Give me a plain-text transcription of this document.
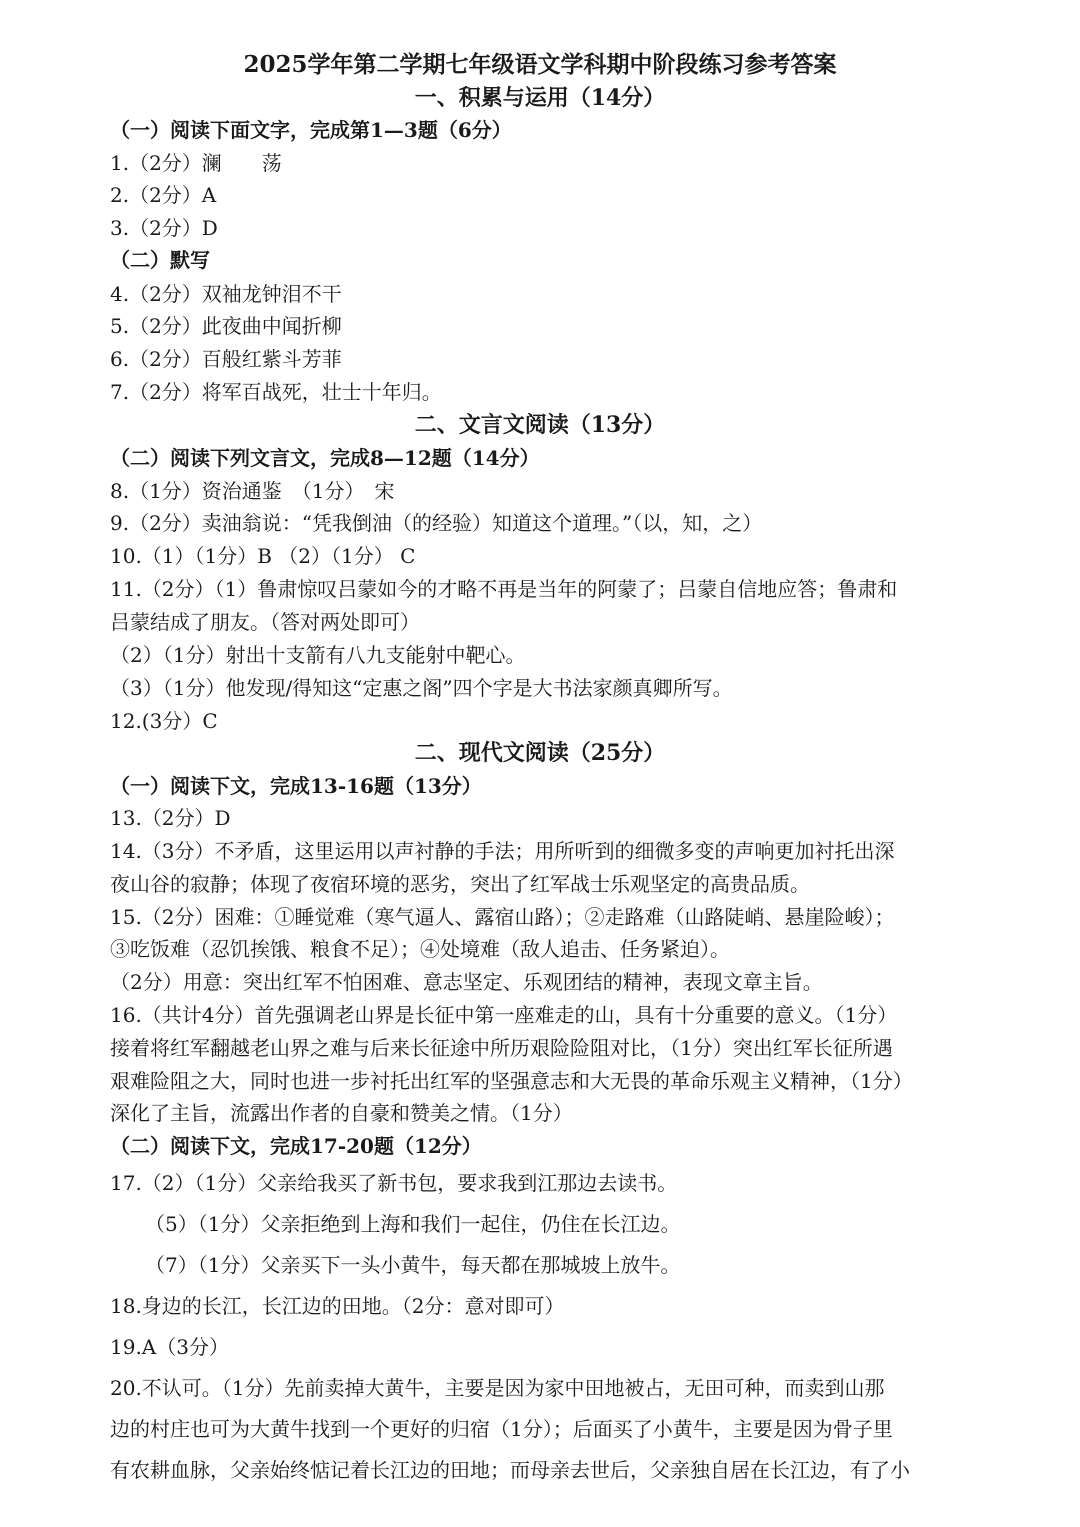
2025学年第二学期七年级语文学科期中阶段练习参考答案
一、积累与运用（14分）
（一）阅读下面文字，完成第1—3题（6分）
1.（2分）澜　　荡
2.（2分）A
3.（2分）D
（二）默写
4.（2分）双袖龙钟泪不干
5.（2分）此夜曲中闻折柳
6.（2分）百般红紫斗芳菲
7.（2分）将军百战死，壮士十年归。
二、文言文阅读（13分）
（二）阅读下列文言文，完成8—12题（14分）
8.（1分）资治通鉴　（1分）　宋
9.（2分）卖油翁说：“凭我倒油（的经验）知道这个道理。”（以，知，之）
10.（1）（1分）B （2）（1分） C
11.（2分）（1）鲁肃惊叹吕蒙如今的才略不再是当年的阿蒙了；吕蒙自信地应答；鲁肃和
吕蒙结成了朋友。（答对两处即可）
（2）（1分）射出十支箭有八九支能射中靶心。
（3）（1分）他发现/得知这“定惠之阁”四个字是大书法家颜真卿所写。
12.(3分）C
二、现代文阅读（25分）
（一）阅读下文，完成13-16题（13分）
13.（2分）D
14.（3分）不矛盾，这里运用以声衬静的手法；用所听到的细微多变的声响更加衬托出深
夜山谷的寂静；体现了夜宿环境的恶劣，突出了红军战士乐观坚定的高贵品质。
15.（2分）困难：①睡觉难（寒气逼人、露宿山路）；②走路难（山路陡峭、悬崖险峻）；
③吃饭难（忍饥挨饿、粮食不足）；④处境难（敌人追击、任务紧迫）。
（2分）用意：突出红军不怕困难、意志坚定、乐观团结的精神，表现文章主旨。
16.（共计4分）首先强调老山界是长征中第一座难走的山，具有十分重要的意义。（1分）
接着将红军翻越老山界之难与后来长征途中所历艰险险阻对比，（1分）突出红军长征所遇
艰难险阻之大，同时也进一步衬托出红军的坚强意志和大无畏的革命乐观主义精神，（1分）
深化了主旨，流露出作者的自豪和赞美之情。（1分）
（二）阅读下文，完成17-20题（12分）
17.（2）（1分）父亲给我买了新书包，要求我到江那边去读书。
（5）（1分）父亲拒绝到上海和我们一起住，仍住在长江边。
（7）（1分）父亲买下一头小黄牛，每天都在那城坡上放牛。
18.身边的长江，长江边的田地。（2分：意对即可）
19.A（3分）
20.不认可。（1分）先前卖掉大黄牛，主要是因为家中田地被占，无田可种，而卖到山那
边的村庄也可为大黄牛找到一个更好的归宿（1分）；后面买了小黄牛，主要是因为骨子里
有农耕血脉，父亲始终惦记着长江边的田地；而母亲去世后，父亲独自居在长江边，有了小
